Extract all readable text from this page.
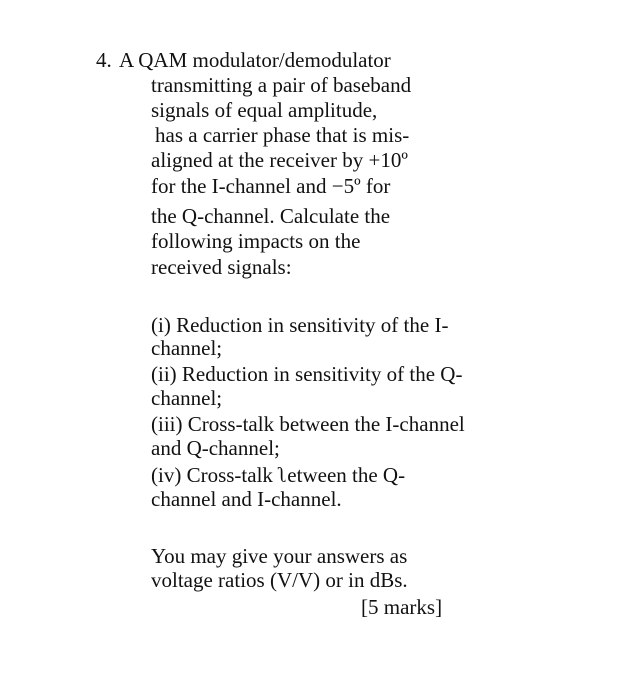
4. A QAM modulator/demodulator
transmitting a pair of baseband
signals of equal amplitude,
has a carrier phase that is mis-
aligned at the receiver by +10º
for the I-channel and −5º for
the Q-channel. Calculate the
following impacts on the
received signals:
(i) Reduction in sensitivity of the I-
channel;
(ii) Reduction in sensitivity of the Q-
channel;
(iii) Cross-talk between the I-channel
and Q-channel;
(iv) Cross-talk ʅetween the Q-
channel and I-channel.
You may give your answers as
voltage ratios (V/V) or in dBs.
[5 marks]
